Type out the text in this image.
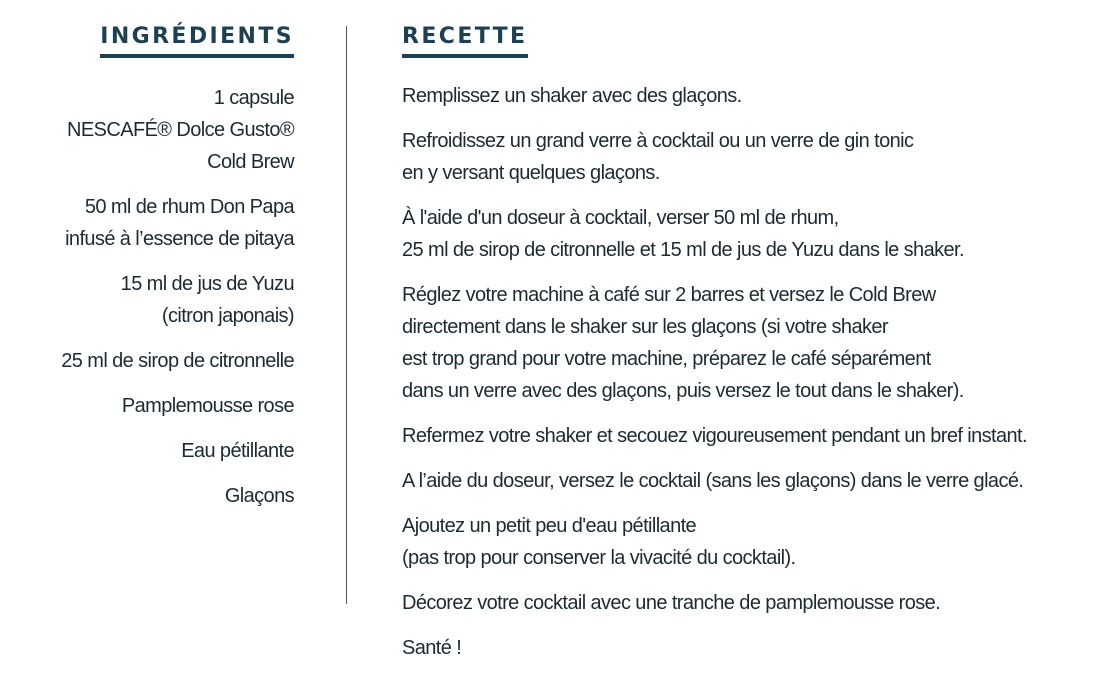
INGRÉDIENTS
1 capsule
NESCAFÉ® Dolce Gusto®
Cold Brew
50 ml de rhum Don Papa
infusé à l’essence de pitaya
15 ml de jus de Yuzu
(citron japonais)
25 ml de sirop de citronnelle
Pamplemousse rose
Eau pétillante
Glaçons
RECETTE
Remplissez un shaker avec des glaçons.
Refroidissez un grand verre à cocktail ou un verre de gin tonic
en y versant quelques glaçons.
À l'aide d'un doseur à cocktail, verser 50 ml de rhum,
25 ml de sirop de citronnelle et 15 ml de jus de Yuzu dans le shaker.
Réglez votre machine à café sur 2 barres et versez le Cold Brew
directement dans le shaker sur les glaçons (si votre shaker
est trop grand pour votre machine, préparez le café séparément
dans un verre avec des glaçons, puis versez le tout dans le shaker).
Refermez votre shaker et secouez vigoureusement pendant un bref instant.
A l’aide du doseur, versez le cocktail (sans les glaçons) dans le verre glacé.
Ajoutez un petit peu d'eau pétillante
(pas trop pour conserver la vivacité du cocktail).
Décorez votre cocktail avec une tranche de pamplemousse rose.
Santé !
